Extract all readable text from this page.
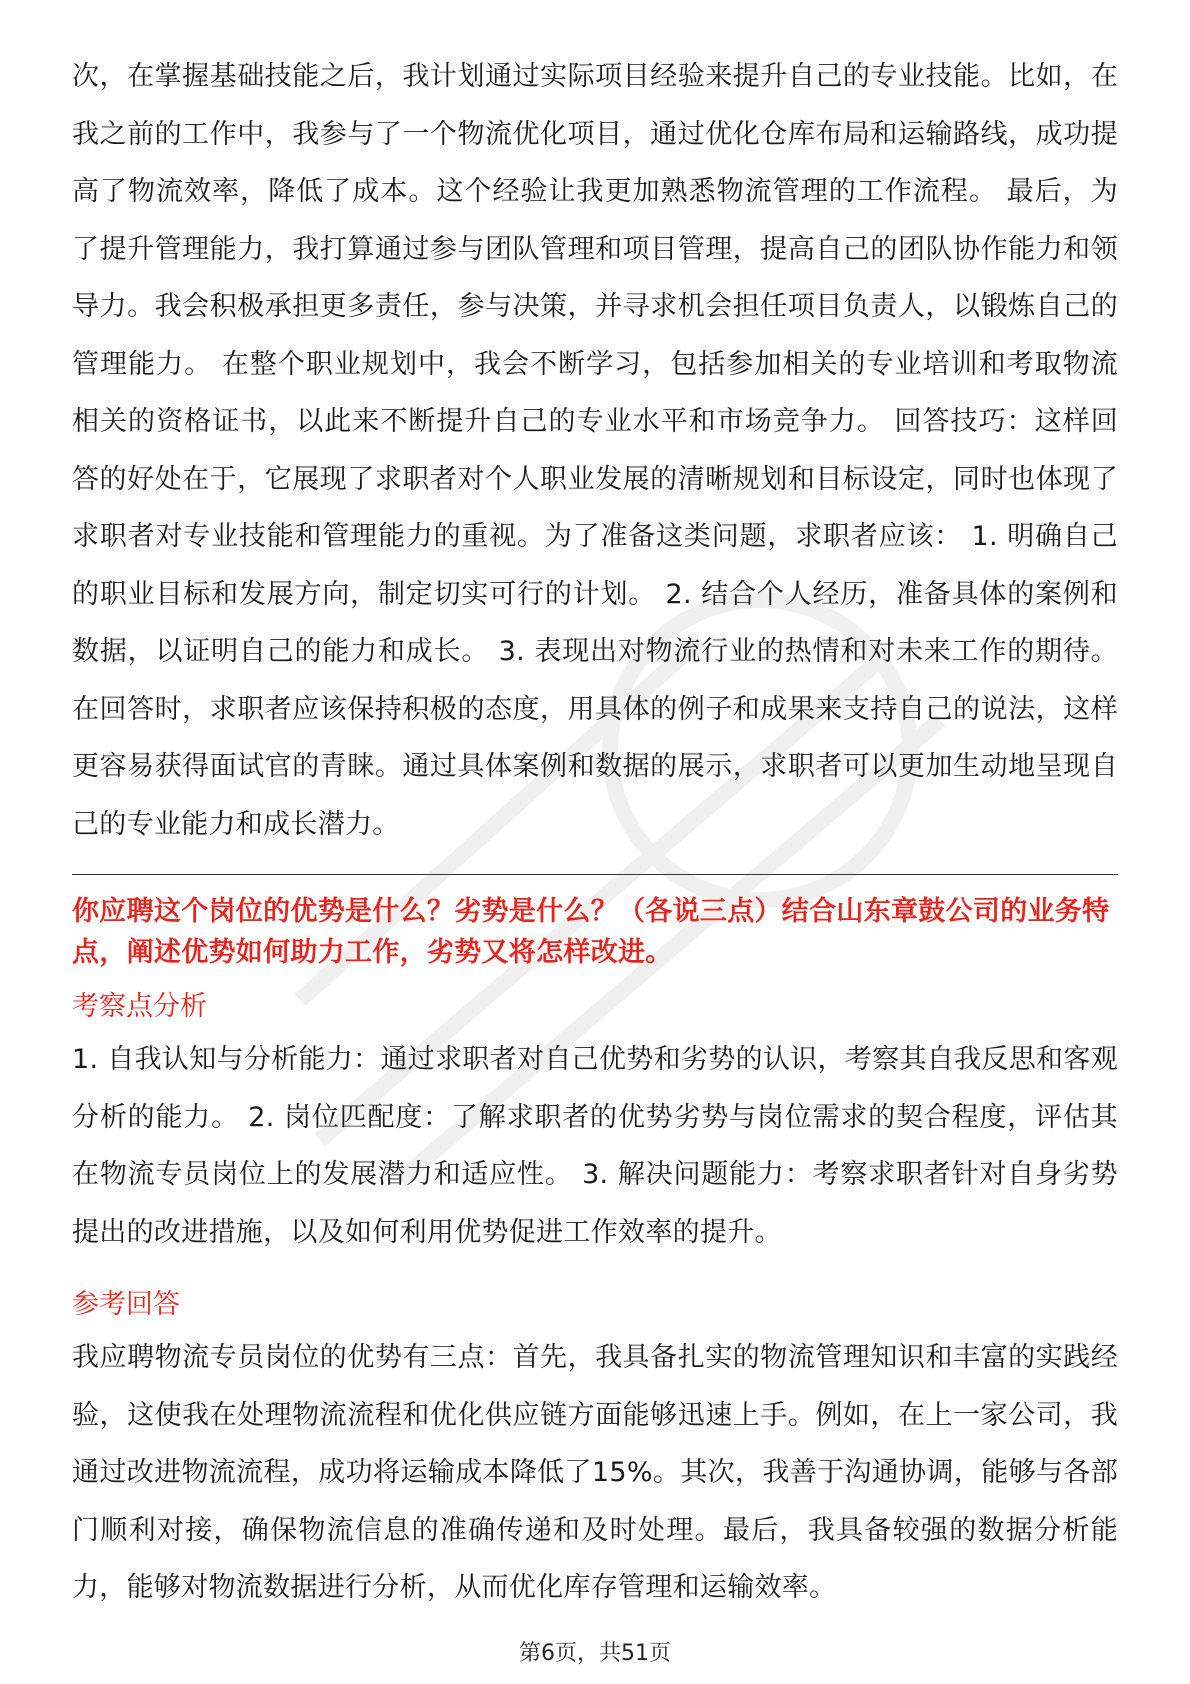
次，在掌握基础技能之后，我计划通过实际项目经验来提升自己的专业技能。比如，在我之前的工作中，我参与了一个物流优化项目，通过优化仓库布局和运输路线，成功提高了物流效率，降低了成本。这个经验让我更加熟悉物流管理的工作流程。 最后，为了提升管理能力，我打算通过参与团队管理和项目管理，提高自己的团队协作能力和领导力。我会积极承担更多责任，参与决策，并寻求机会担任项目负责人，以锻炼自己的管理能力。 在整个职业规划中，我会不断学习，包括参加相关的专业培训和考取物流相关的资格证书，以此来不断提升自己的专业水平和市场竞争力。 回答技巧：这样回答的好处在于，它展现了求职者对个人职业发展的清晰规划和目标设定，同时也体现了求职者对专业技能和管理能力的重视。为了准备这类问题，求职者应该： 1. 明确自己的职业目标和发展方向，制定切实可行的计划。 2. 结合个人经历，准备具体的案例和数据，以证明自己的能力和成长。 3. 表现出对物流行业的热情和对未来工作的期待。 在回答时，求职者应该保持积极的态度，用具体的例子和成果来支持自己的说法，这样更容易获得面试官的青睐。通过具体案例和数据的展示，求职者可以更加生动地呈现自己的专业能力和成长潜力。

你应聘这个岗位的优势是什么？劣势是什么？（各说三点）结合山东章鼓公司的业务特点，阐述优势如何助力工作，劣势又将怎样改进。

考察点分析

1. 自我认知与分析能力：通过求职者对自己优势和劣势的认识，考察其自我反思和客观分析的能力。 2. 岗位匹配度：了解求职者的优势劣势与岗位需求的契合程度，评估其在物流专员岗位上的发展潜力和适应性。 3. 解决问题能力：考察求职者针对自身劣势提出的改进措施，以及如何利用优势促进工作效率的提升。

参考回答

我应聘物流专员岗位的优势有三点：首先，我具备扎实的物流管理知识和丰富的实践经验，这使我在处理物流流程和优化供应链方面能够迅速上手。例如，在上一家公司，我通过改进物流流程，成功将运输成本降低了15%。其次，我善于沟通协调，能够与各部门顺利对接，确保物流信息的准确传递和及时处理。最后，我具备较强的数据分析能力，能够对物流数据进行分析，从而优化库存管理和运输效率。

第6页，共51页
